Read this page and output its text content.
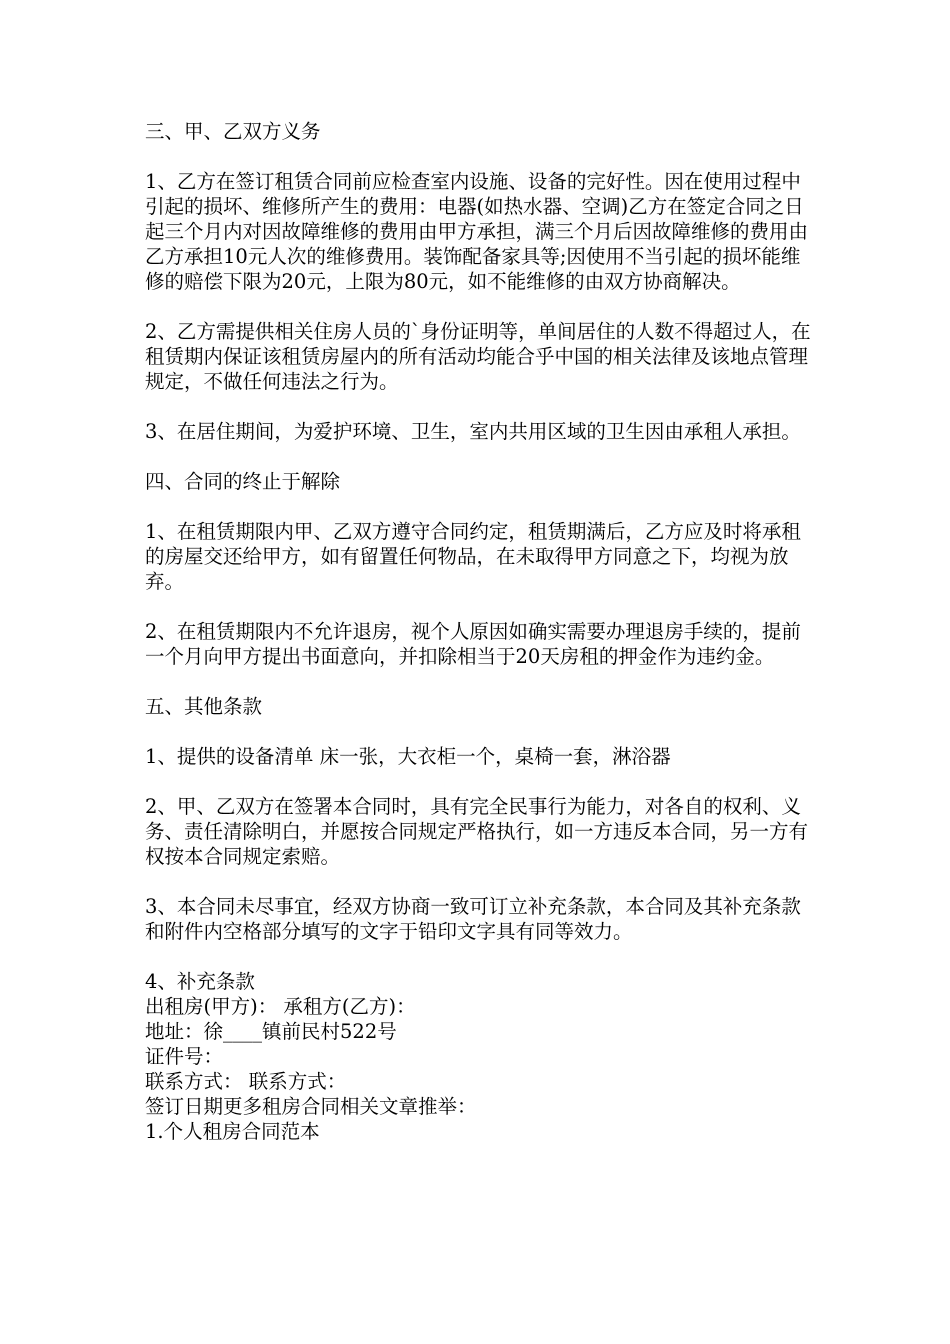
三、甲、乙双方义务

1、乙方在签订租赁合同前应检查室内设施、设备的完好性。因在使用过程中引起的损坏、维修所产生的费用：电器(如热水器、空调)乙方在签定合同之日起三个月内对因故障维修的费用由甲方承担，满三个月后因故障维修的费用由乙方承担10元人次的维修费用。装饰配备家具等;因使用不当引起的损坏能维修的赔偿下限为20元，上限为80元，如不能维修的由双方协商解决。

2、乙方需提供相关住房人员的`身份证明等，单间居住的人数不得超过人，在租赁期内保证该租赁房屋内的所有活动均能合乎中国的相关法律及该地点管理规定，不做任何违法之行为。

3、在居住期间，为爱护环境、卫生，室内共用区域的卫生因由承租人承担。

四、合同的终止于解除

1、在租赁期限内甲、乙双方遵守合同约定，租赁期满后，乙方应及时将承租的房屋交还给甲方，如有留置任何物品，在未取得甲方同意之下，均视为放弃。

2、在租赁期限内不允许退房，视个人原因如确实需要办理退房手续的，提前一个月向甲方提出书面意向，并扣除相当于20天房租的押金作为违约金。

五、其他条款

1、提供的设备清单 床一张，大衣柜一个，桌椅一套，淋浴器

2、甲、乙双方在签署本合同时，具有完全民事行为能力，对各自的权利、义务、责任清除明白，并愿按合同规定严格执行，如一方违反本合同，另一方有权按本合同规定索赔。

3、本合同未尽事宜，经双方协商一致可订立补充条款，本合同及其补充条款和附件内空格部分填写的文字于铅印文字具有同等效力。

4、补充条款
出租房(甲方)： 承租方(乙方)：
地址：徐____镇前民村522号
证件号：
联系方式： 联系方式：
签订日期更多租房合同相关文章推举：
1.个人租房合同范本
